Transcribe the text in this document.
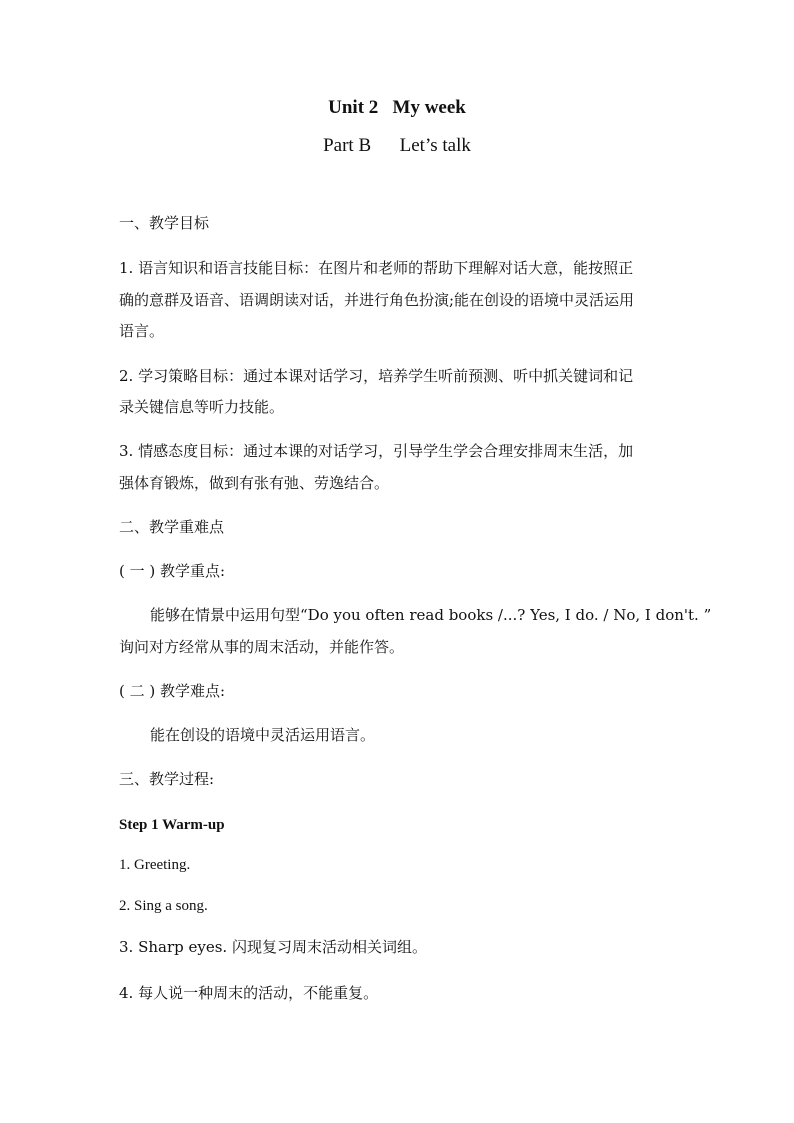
Unit 2   My week
Part B      Let’s talk
一、教学目标
1. 语言知识和语言技能目标：在图片和老师的帮助下理解对话大意，能按照正
确的意群及语音、语调朗读对话，并进行角色扮演;能在创设的语境中灵活运用
语言。
2. 学习策略目标：通过本课对话学习，培养学生听前预测、听中抓关键词和记
录关键信息等听力技能。
3. 情感态度目标：通过本课的对话学习，引导学生学会合理安排周末生活，加
强体育锻炼，做到有张有弛、劳逸结合。
二、教学重难点
( 一 ) 教学重点:
能够在情景中运用句型“Do you often read books /...? Yes, I do. / No, I don't. ”
询问对方经常从事的周末活动，并能作答。
( 二 ) 教学难点:
能在创设的语境中灵活运用语言。
三、教学过程:
Step 1 Warm-up
1. Greeting.
2. Sing a song.
3. Sharp eyes. 闪现复习周末活动相关词组。
4. 每人说一种周末的活动，不能重复。
